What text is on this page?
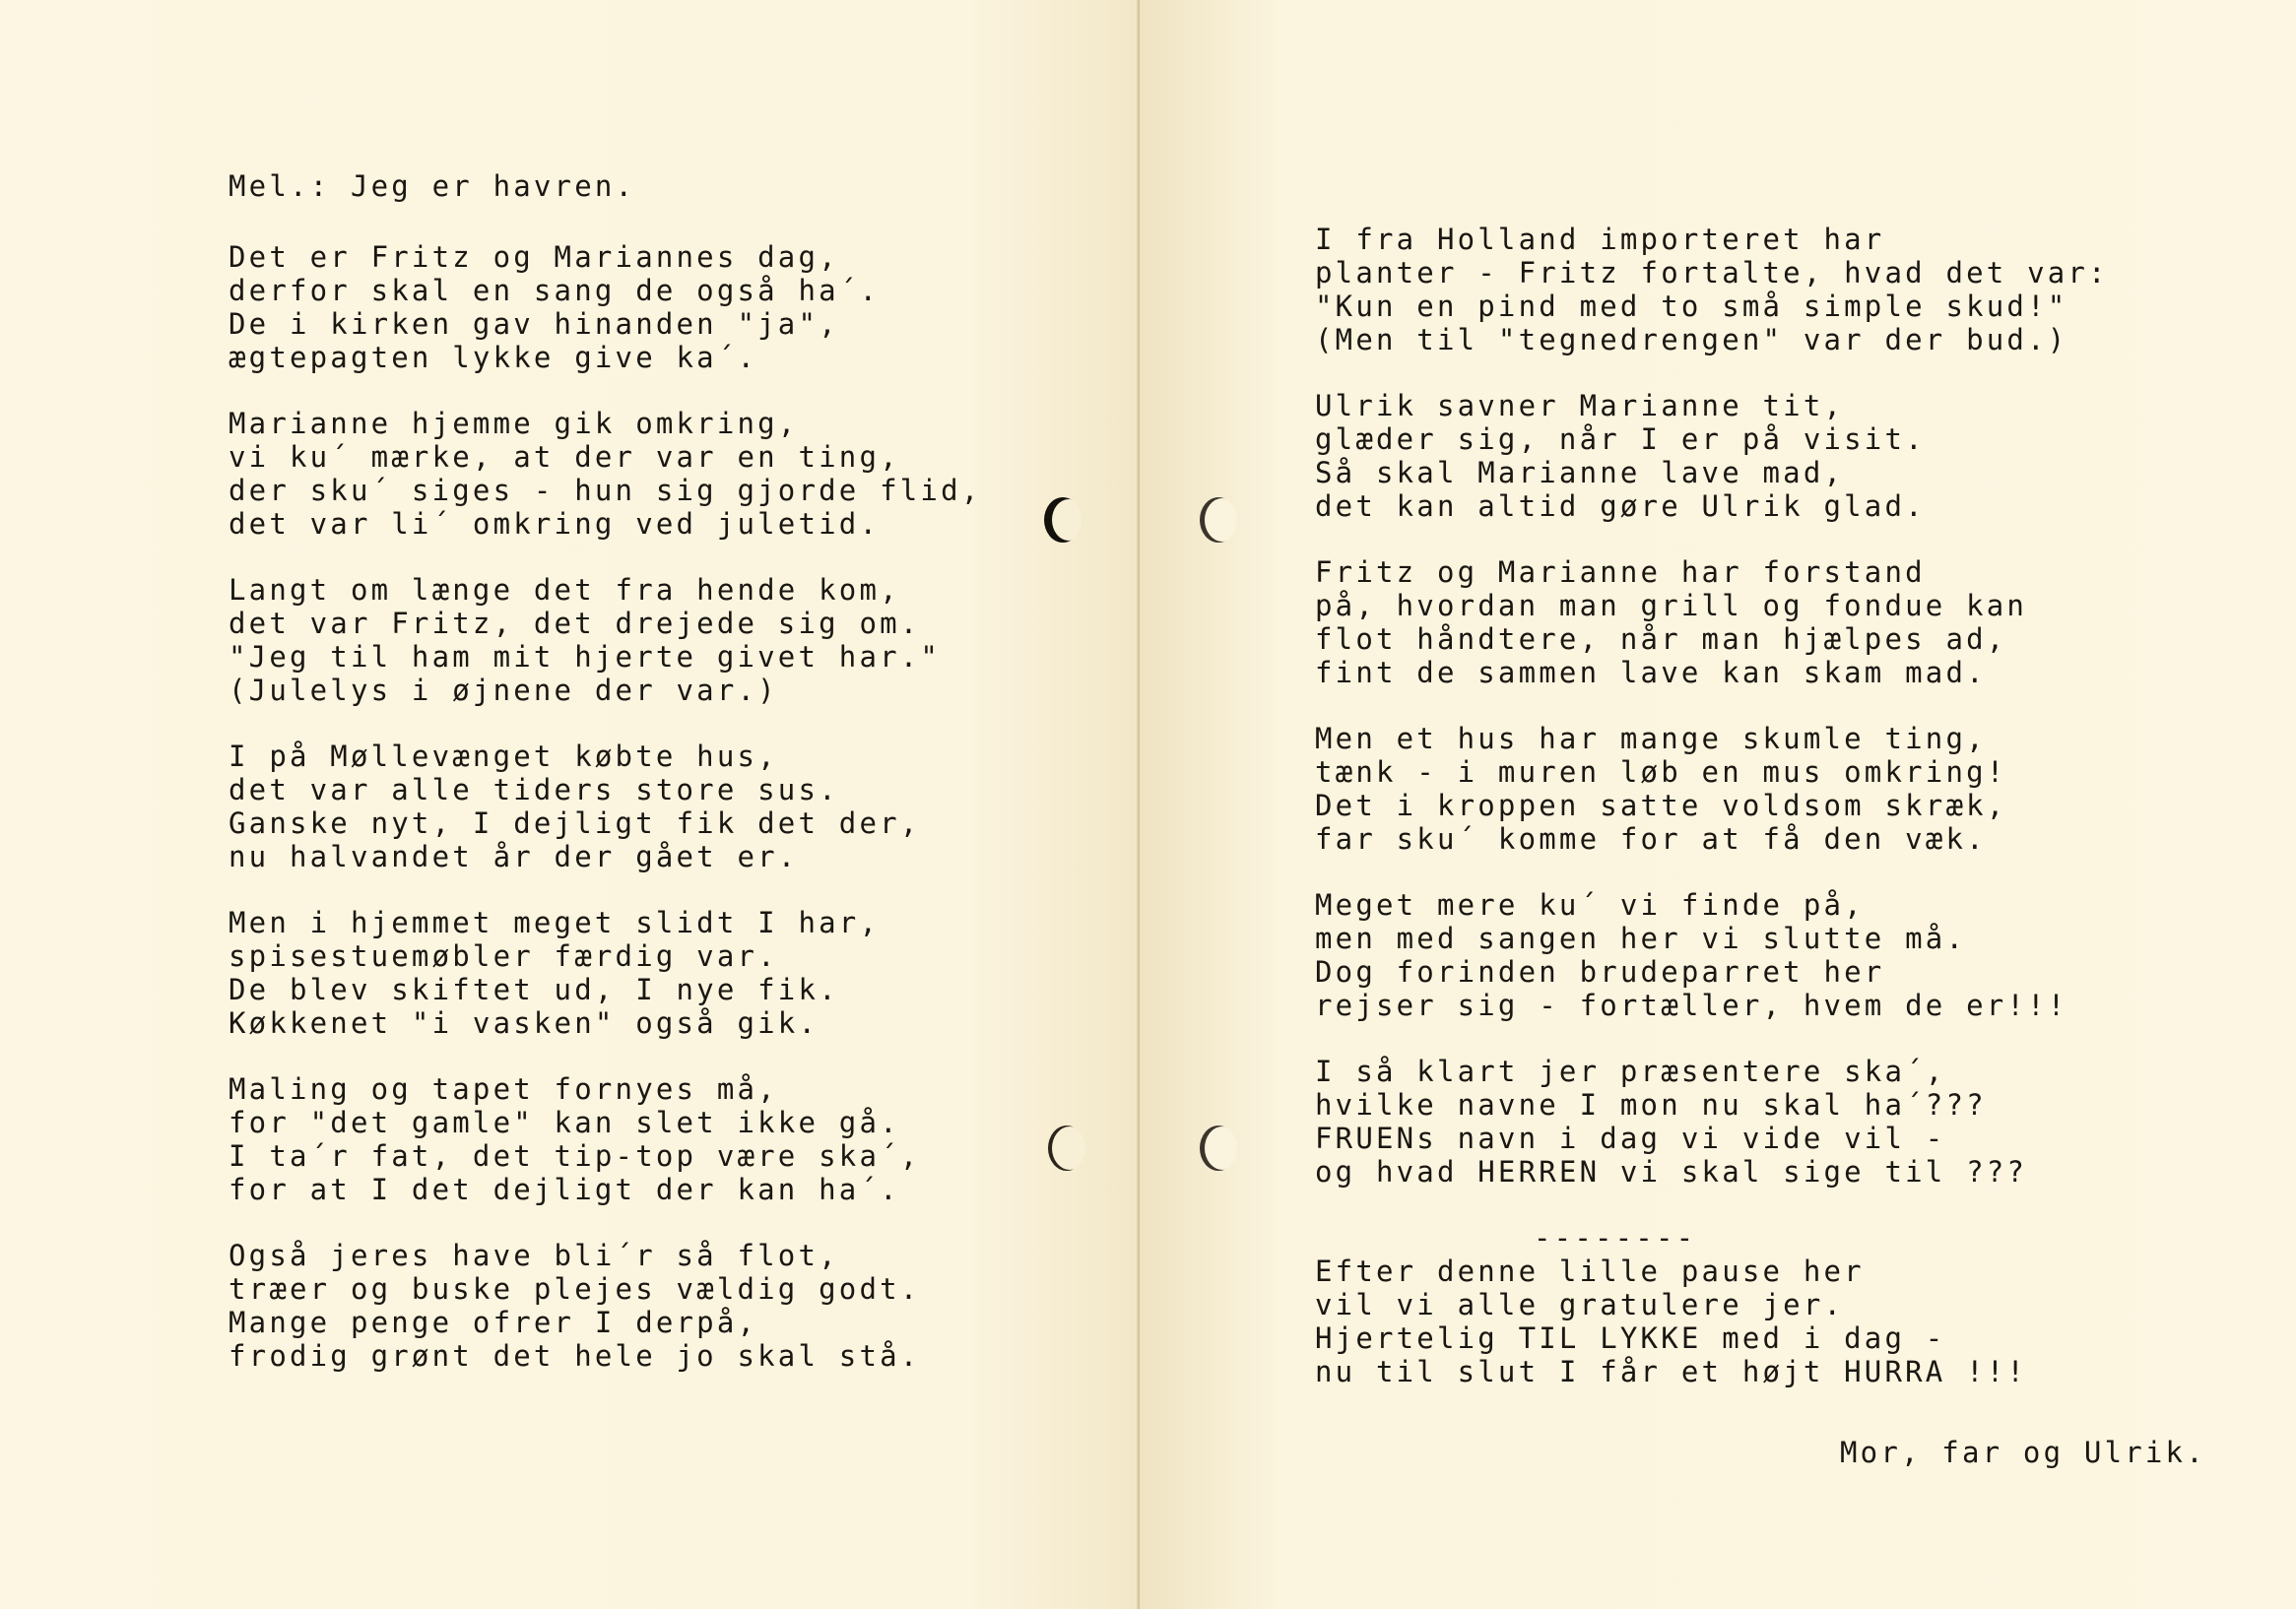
Mel.: Jeg er havren.
Det er Fritz og Mariannes dag,
derfor skal en sang de også ha´.
De i kirken gav hinanden "ja",
ægtepagten lykke give ka´.
Marianne hjemme gik omkring,
vi ku´ mærke, at der var en ting,
der sku´ siges - hun sig gjorde flid,
det var li´ omkring ved juletid.
Langt om længe det fra hende kom,
det var Fritz, det drejede sig om.
"Jeg til ham mit hjerte givet har."
(Julelys i øjnene der var.)
I på Møllevænget købte hus,
det var alle tiders store sus.
Ganske nyt, I dejligt fik det der,
nu halvandet år der gået er.
Men i hjemmet meget slidt I har,
spisestuemøbler færdig var.
De blev skiftet ud, I nye fik.
Køkkenet "i vasken" også gik.
Maling og tapet fornyes må,
for "det gamle" kan slet ikke gå.
I ta´r fat, det tip-top være ska´,
for at I det dejligt der kan ha´.
Også jeres have bli´r så flot,
træer og buske plejes vældig godt.
Mange penge ofrer I derpå,
frodig grønt det hele jo skal stå.
I fra Holland importeret har
planter - Fritz fortalte, hvad det var:
"Kun en pind med to små simple skud!"
(Men til "tegnedrengen" var der bud.)
Ulrik savner Marianne tit,
glæder sig, når I er på visit.
Så skal Marianne lave mad,
det kan altid gøre Ulrik glad.
Fritz og Marianne har forstand
på, hvordan man grill og fondue kan
flot håndtere, når man hjælpes ad,
fint de sammen lave kan skam mad.
Men et hus har mange skumle ting,
tænk - i muren løb en mus omkring!
Det i kroppen satte voldsom skræk,
far sku´ komme for at få den væk.
Meget mere ku´ vi finde på,
men med sangen her vi slutte må.
Dog forinden brudeparret her
rejser sig - fortæller, hvem de er!!!
I så klart jer præsentere ska´,
hvilke navne I mon nu skal ha´???
FRUENs navn i dag vi vide vil -
og hvad HERREN vi skal sige til ???
--------
Efter denne lille pause her
vil vi alle gratulere jer.
Hjertelig TIL LYKKE med i dag -
nu til slut I får et højt HURRA !!!
Mor, far og Ulrik.
